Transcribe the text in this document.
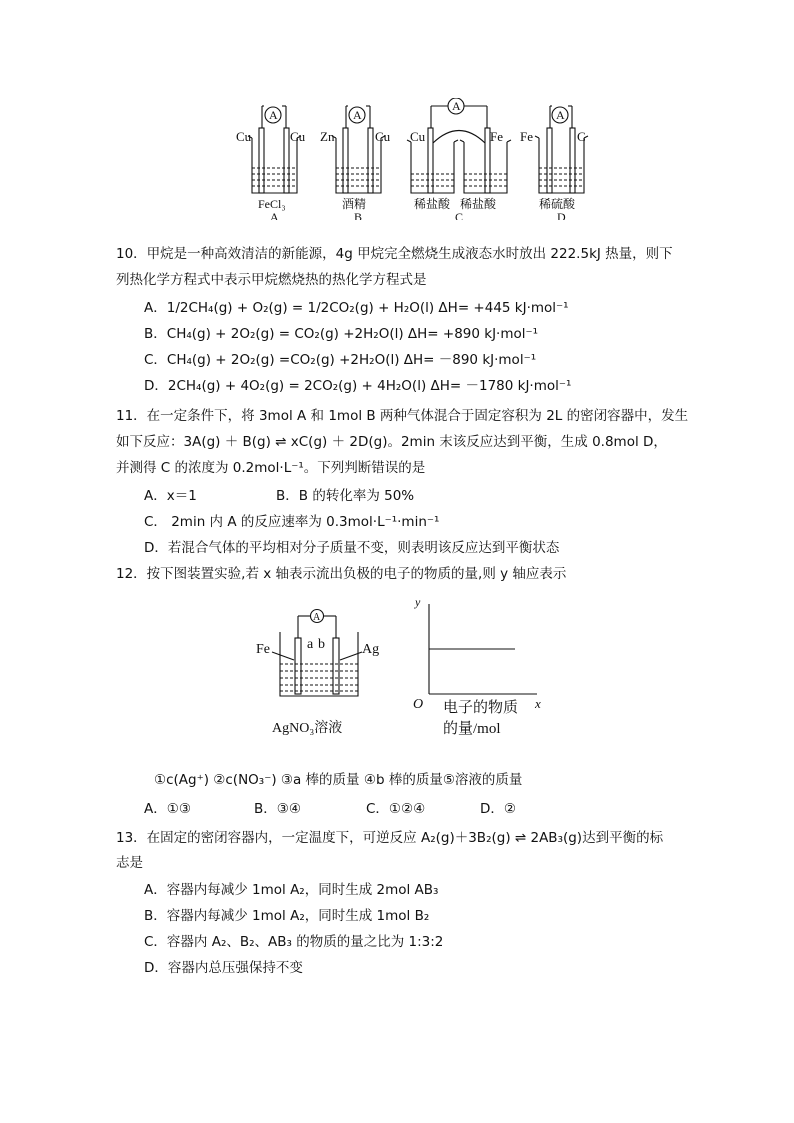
A	A
A
A
Cu	Cu Zn	Cu Cu	Fe Fe	C
FeCl₃	酒精	稀盐酸 稀盐酸	稀硫酸
A	B	C	D
10．甲烷是一种高效清洁的新能源，4g 甲烷完全燃烧生成液态水时放出 222.5kJ 热量，则下
列热化学方程式中表示甲烷燃烧热的热化学方程式是
A．1/2CH₄(g) + O₂(g) = 1/2CO₂(g) + H₂O(l) ΔH= +445 kJ·mol⁻¹
B．CH₄(g) + 2O₂(g) = CO₂(g) +2H₂O(l) ΔH= +890 kJ·mol⁻¹
C．CH₄(g) + 2O₂(g) =CO₂(g) +2H₂O(l) ΔH= －890 kJ·mol⁻¹
D．2CH₄(g) + 4O₂(g) = 2CO₂(g) + 4H₂O(l) ΔH= －1780 kJ·mol⁻¹
11．在一定条件下，将 3mol A 和 1mol B 两种气体混合于固定容积为 2L 的密闭容器中，发生
如下反应：3A(g) ＋ B(g) ⇌ xC(g) ＋ 2D(g)。2min 末该反应达到平衡，生成 0.8mol D，
并测得 C 的浓度为 0.2mol·L⁻¹。下列判断错误的是
A．x＝1	B．B 的转化率为 50%
C． 2min 内 A 的反应速率为 0.3mol·L⁻¹·min⁻¹
D．若混合气体的平均相对分子质量不变，则表明该反应达到平衡状态
12．按下图装置实验,若 x 轴表示流出负极的电子的物质的量,则 y 轴应表示
A
Fe	Ag
a b
AgNO₃溶液
y
x
O 电子的物质
的量/mol
①c(Ag⁺) ②c(NO₃⁻) ③a 棒的质量 ④b 棒的质量⑤溶液的质量
A．①③	B．③④	C．①②④	D．②
13．在固定的密闭容器内，一定温度下，可逆反应 A₂(g)＋3B₂(g) ⇌ 2AB₃(g)达到平衡的标
志是
A．容器内每减少 1mol A₂，同时生成 2mol AB₃
B．容器内每减少 1mol A₂，同时生成 1mol B₂
C．容器内 A₂、B₂、AB₃ 的物质的量之比为 1:3:2
D．容器内总压强保持不变
